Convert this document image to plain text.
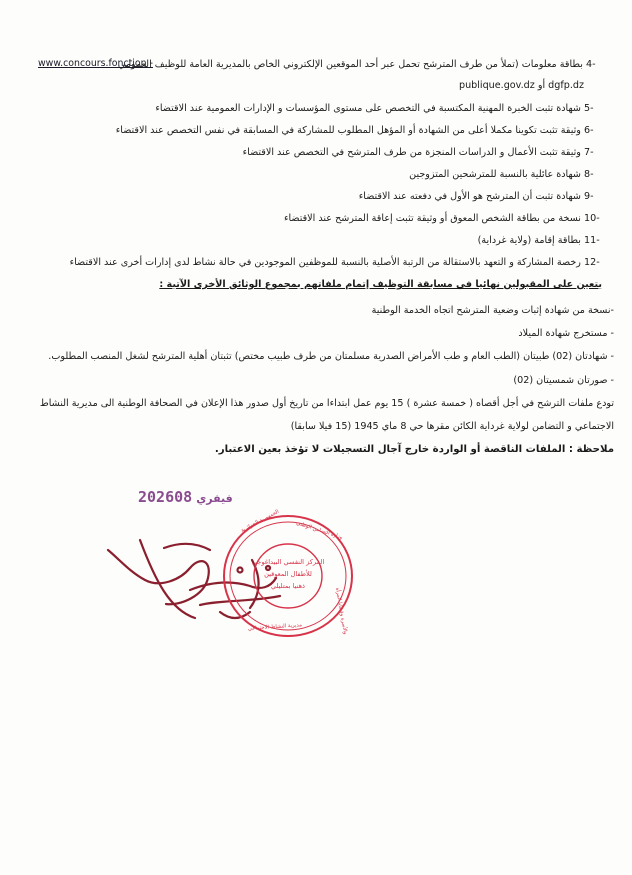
-4 بطاقة معلومات (تملأ من طرف المترشح تحمل عبر أحد الموقعين الإلكتروني الخاص بالمديرية العامة للوظيف العمومي
www.concours.fonction -
dgfp.dz أو publique.gov.dz
-5 شهادة تثبت الخبرة المهنية المكتسبة في التخصص على مستوى المؤسسات و الإدارات العمومية عند الاقتضاء
-6 وثيقة تثبت تكوينا مكملا أعلى من الشهادة أو المؤهل المطلوب للمشاركة في المسابقة في نفس التخصص عند الاقتضاء
-7 وثيقة تثبت الأعمال و الدراسات المنجزة من طرف المترشح في التخصص عند الاقتضاء
-8 شهادة عائلية بالنسبة للمترشحين المتزوجين
-9 شهادة تثبت أن المترشح هو الأول في دفعته عند الاقتضاء
-10 نسخة من بطاقة الشخص المعوق أو وثيقة تثبت إعاقة المترشح عند الاقتضاء
-11 بطاقة إقامة (ولاية غرداية)
-12 رخصة المشاركة و التعهد بالاستقالة من الرتبة الأصلية بالنسبة للموظفين الموجودين في حالة نشاط لدى إدارات أخرى عند الاقتضاء
يتعين على المقبولين نهائيا في مسابقة التوظيف إتمام ملفاتهم بمجموع الوثائق الأخرى الآتية :
-نسخة من شهادة إثبات وضعية المترشح اتجاه الخدمة الوطنية
- مستخرج شهادة الميلاد
- شهادتان (02) طبيتان (الطب العام و طب الأمراض الصدرية مسلمتان من طرف طبيب مختص) تثبتان أهلية المترشح لشغل المنصب المطلوب.
- صورتان شمسيتان (02)
تودع ملفات الترشح في أجل أقصاه ( خمسة عشرة ) 15 يوم عمل ابتداءا من تاريخ أول صدور هذا الإعلان في الصحافة الوطنية الى مديرية النشاط
الاجتماعي و التضامن لولاية غرداية الكائن مقرها حي 8 ماي 1945 (15 فيلا سابقا)
ملاحظة : الملفات الناقصة أو الواردة خارج آجال التسجيلات لا تؤخذ بعين الاعتبار.
2026 فيفري08
المركز النفسي البيداغوجي
للأطفال المعوقين
ذهنيا بمتليلي
الجمهورية الجزائرية	وزارة التضامن الوطني
والأسرة وقضايا المرأة
مديرية النشاط الاجتماعي
